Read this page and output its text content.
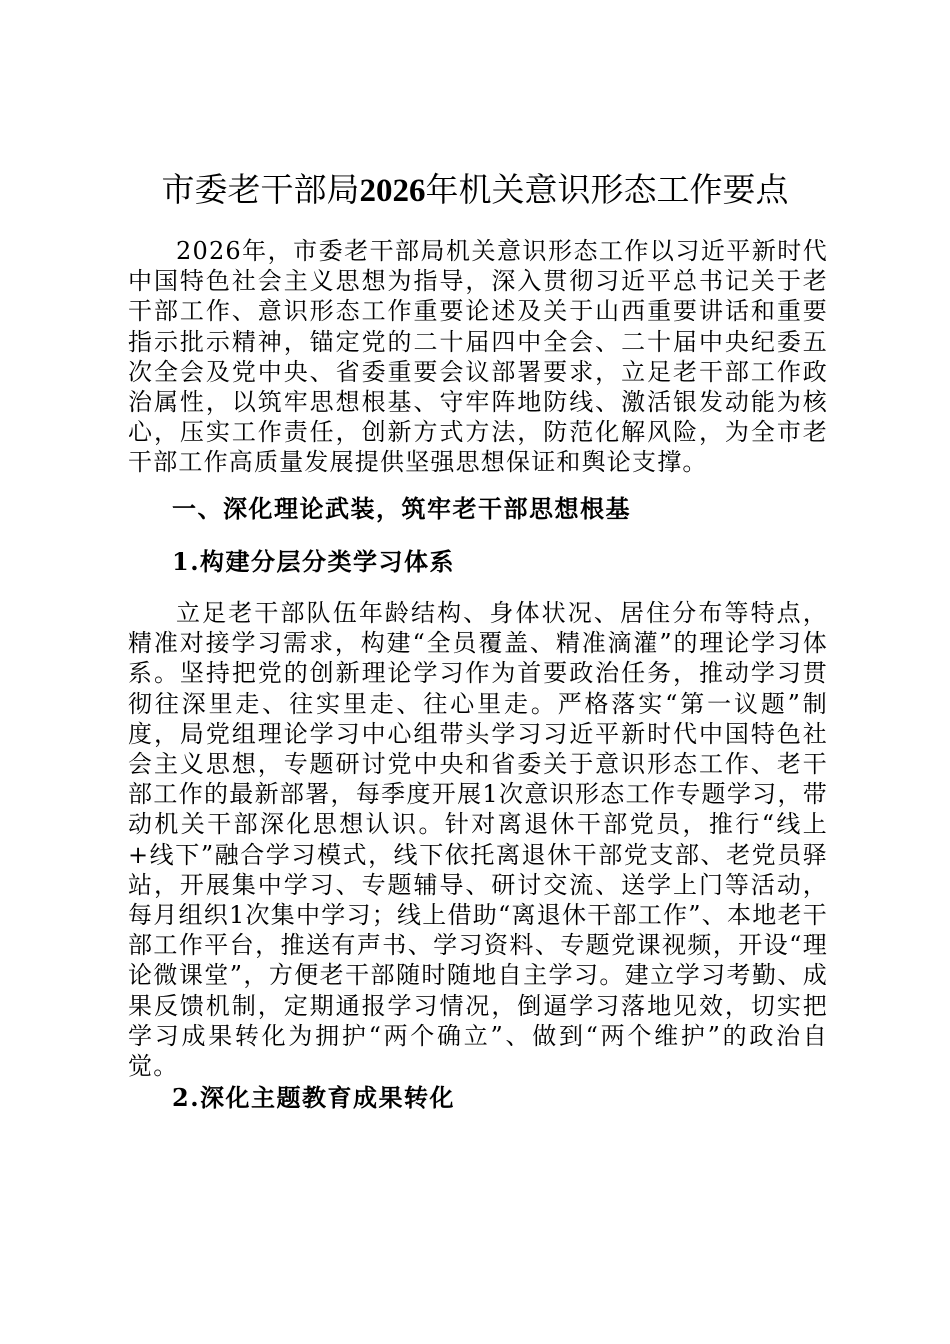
市委老干部局2026年机关意识形态工作要点

2026年，市委老干部局机关意识形态工作以习近平新时代中国特色社会主义思想为指导，深入贯彻习近平总书记关于老干部工作、意识形态工作重要论述及关于山西重要讲话和重要指示批示精神，锚定党的二十届四中全会、二十届中央纪委五次全会及党中央、省委重要会议部署要求，立足老干部工作政治属性，以筑牢思想根基、守牢阵地防线、激活银发动能为核心，压实工作责任，创新方式方法，防范化解风险，为全市老干部工作高质量发展提供坚强思想保证和舆论支撑。

一、深化理论武装，筑牢老干部思想根基
1.构建分层分类学习体系

立足老干部队伍年龄结构、身体状况、居住分布等特点，精准对接学习需求，构建“全员覆盖、精准滴灌”的理论学习体系。坚持把党的创新理论学习作为首要政治任务，推动学习贯彻往深里走、往实里走、往心里走。严格落实“第一议题”制度，局党组理论学习中心组带头学习习近平新时代中国特色社会主义思想，专题研讨党中央和省委关于意识形态工作、老干部工作的最新部署，每季度开展1次意识形态工作专题学习，带动机关干部深化思想认识。针对离退休干部党员，推行“线上+线下”融合学习模式，线下依托离退休干部党支部、老党员驿站，开展集中学习、专题辅导、研讨交流、送学上门等活动，每月组织1次集中学习；线上借助“离退休干部工作”、本地老干部工作平台，推送有声书、学习资料、专题党课视频，开设“理论微课堂”，方便老干部随时随地自主学习。建立学习考勤、成果反馈机制，定期通报学习情况，倒逼学习落地见效，切实把学习成果转化为拥护“两个确立”、做到“两个维护”的政治自觉。

2.深化主题教育成果转化
